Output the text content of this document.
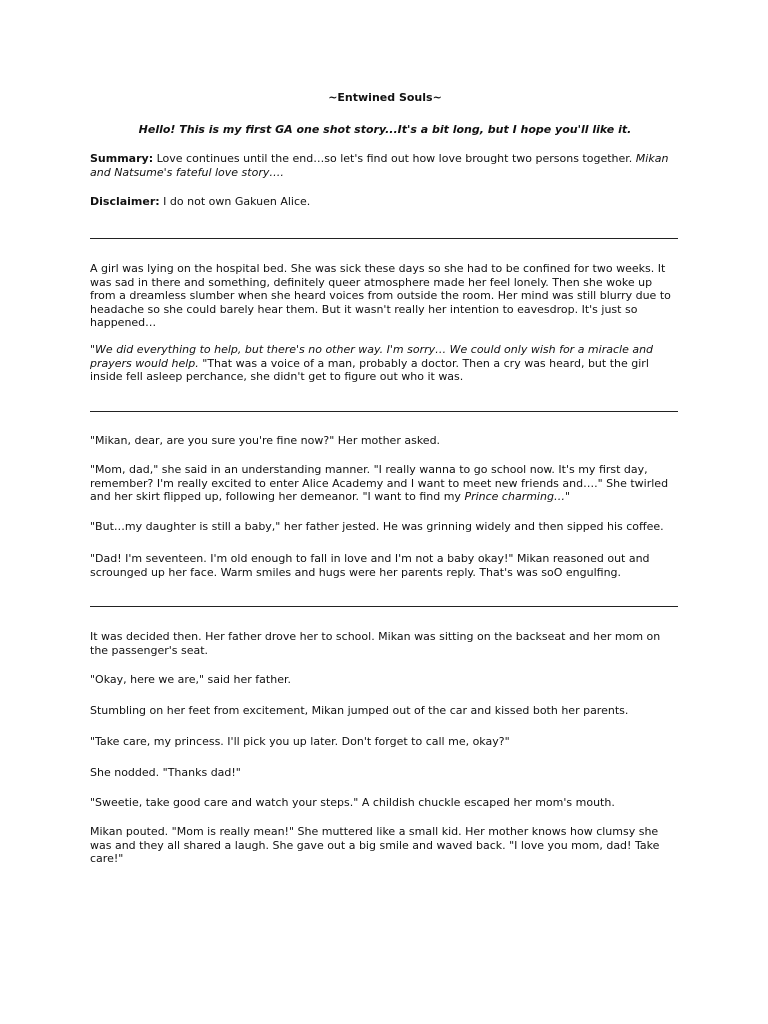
~Entwined Souls~
Hello! This is my first GA one shot story...It's a bit long, but I hope you'll like it.

Summary: Love continues until the end…so let's find out how love brought two persons together. Mikan and Natsume's fateful love story….

Disclaimer: I do not own Gakuen Alice.

A girl was lying on the hospital bed. She was sick these days so she had to be confined for two weeks. It was sad in there and something, definitely queer atmosphere made her feel lonely. Then she woke up from a dreamless slumber when she heard voices from outside the room. Her mind was still blurry due to headache so she could barely hear them. But it wasn't really her intention to eavesdrop. It's just so happened…

"We did everything to help, but there's no other way. I'm sorry… We could only wish for a miracle and prayers would help. "That was a voice of a man, probably a doctor. Then a cry was heard, but the girl inside fell asleep perchance, she didn't get to figure out who it was.

"Mikan, dear, are you sure you're fine now?" Her mother asked.

"Mom, dad," she said in an understanding manner. "I really wanna to go school now. It's my first day, remember? I'm really excited to enter Alice Academy and I want to meet new friends and…." She twirled and her skirt flipped up, following her demeanor. "I want to find my Prince charming…"

"But…my daughter is still a baby," her father jested. He was grinning widely and then sipped his coffee.

"Dad! I'm seventeen. I'm old enough to fall in love and I'm not a baby okay!" Mikan reasoned out and scrounged up her face. Warm smiles and hugs were her parents reply. That's was soO engulfing.

It was decided then. Her father drove her to school. Mikan was sitting on the backseat and her mom on the passenger's seat.

"Okay, here we are," said her father.

Stumbling on her feet from excitement, Mikan jumped out of the car and kissed both her parents.

"Take care, my princess. I'll pick you up later. Don't forget to call me, okay?"

She nodded. "Thanks dad!"

"Sweetie, take good care and watch your steps." A childish chuckle escaped her mom's mouth.

Mikan pouted. "Mom is really mean!" She muttered like a small kid. Her mother knows how clumsy she was and they all shared a laugh. She gave out a big smile and waved back. "I love you mom, dad! Take care!"
